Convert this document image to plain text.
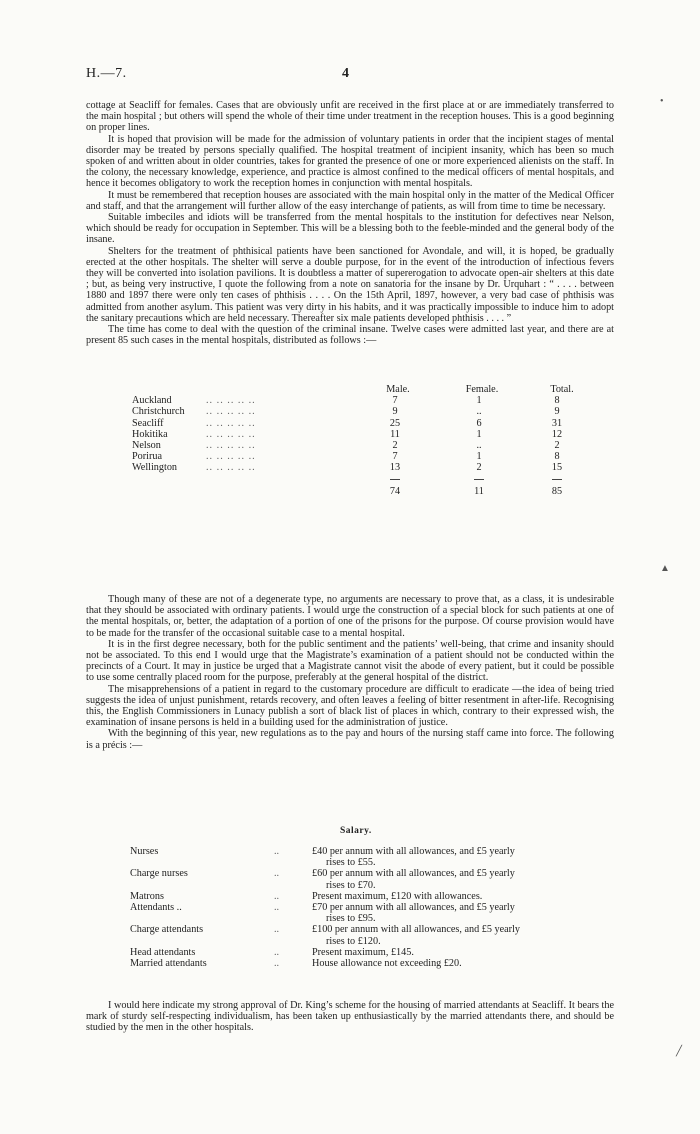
H.—7.	4

cottage at Seacliff for females. Cases that are obviously unfit are received in the first place at or are immediately transferred to the main hospital ; but others will spend the whole of their time under treatment in the reception houses. This is a good beginning on proper lines.

It is hoped that provision will be made for the admission of voluntary patients in order that the incipient stages of mental disorder may be treated by persons specially qualified. The hospital treatment of incipient insanity, which has been so much spoken of and written about in older countries, takes for granted the presence of one or more experienced alienists on the staff. In the colony, the necessary knowledge, experience, and practice is almost confined to the medical officers of mental hospitals, and hence it becomes obligatory to work the reception homes in conjunction with mental hospitals.

It must be remembered that reception houses are associated with the main hospital only in the matter of the Medical Officer and staff, and that the arrangement will further allow of the easy interchange of patients, as will from time to time be necessary.

Suitable imbeciles and idiots will be transferred from the mental hospitals to the institution for defectives near Nelson, which should be ready for occupation in September. This will be a blessing both to the feeble-minded and the general body of the insane.

Shelters for the treatment of phthisical patients have been sanctioned for Avondale, and will, it is hoped, be gradually erected at the other hospitals. The shelter will serve a double purpose, for in the event of the introduction of infectious fevers they will be converted into isolation pavilions. It is doubtless a matter of supererogation to advocate open-air shelters at this date ; but, as being very instructive, I quote the following from a note on sanatoria for the insane by Dr. Urquhart : “ . . . . between 1880 and 1897 there were only ten cases of phthisis . . . . On the 15th April, 1897, however, a very bad case of phthisis was admitted from another asylum. This patient was very dirty in his habits, and it was practically impossible to induce him to adopt the sanitary precautions which are held necessary. Thereafter six male patients developed phthisis . . . . ”

The time has come to deal with the question of the criminal insane. Twelve cases were admitted last year, and there are at present 85 such cases in the mental hospitals, distributed as follows :—

Male.	Female.	Total.
Auckland	.. .. .. .. ..	7	1	8
Christchurch .. .. .. .. ..	9	..	9
Seacliff	.. .. .. .. ..	25	6	31
Hokitika	.. .. .. .. ..	11	1	12
Nelson	.. .. .. .. ..	2	..	2
Porirua	.. .. .. .. ..	7	1	8
Wellington	.. .. .. .. ..	13	2	15
74	11	85

Though many of these are not of a degenerate type, no arguments are necessary to prove that, as a class, it is undesirable that they should be associated with ordinary patients. I would urge the construction of a special block for such patients at one of the mental hospitals, or, better, the adaptation of a portion of one of the prisons for the purpose. Of course provision would have to be made for the transfer of the occasional suitable case to a mental hospital.

It is in the first degree necessary, both for the public sentiment and the patients’ well-being, that crime and insanity should not be associated. To this end I would urge that the Magistrate’s examination of a patient should not be conducted within the precincts of a Court. It may in justice be urged that a Magistrate cannot visit the abode of every patient, but it could be possible to use some centrally placed room for the purpose, preferably at the general hospital of the district.

The misapprehensions of a patient in regard to the customary procedure are difficult to eradicate —the idea of being tried suggests the idea of unjust punishment, retards recovery, and often leaves a feeling of bitter resentment in after-life. Recognising this, the English Commissioners in Lunacy publish a sort of black list of places in which, contrary to their expressed wish, the examination of insane persons is held in a building used for the administration of justice.

With the beginning of this year, new regulations as to the pay and hours of the nursing staff came into force. The following is a précis :—

Salary.
Nurses	..	£40 per annum with all allowances, and £5 yearly
rises to £55.
Charge nurses	..	£60 per annum with all allowances, and £5 yearly
rises to £70.
Matrons	..	Present maximum, £120 with allowances.
Attendants ..	..	£70 per annum with all allowances, and £5 yearly
rises to £95.
Charge attendants	..	£100 per annum with all allowances, and £5 yearly
rises to £120.
Head attendants	..	Present maximum, £145.
Married attendants	..	House allowance not exceeding £20.

I would here indicate my strong approval of Dr. King’s scheme for the housing of married attendants at Seacliff. It bears the mark of sturdy self-respecting individualism, has been taken up enthusiastically by the married attendants there, and should be studied by the men in the other hospitals.

•
▲
╱
